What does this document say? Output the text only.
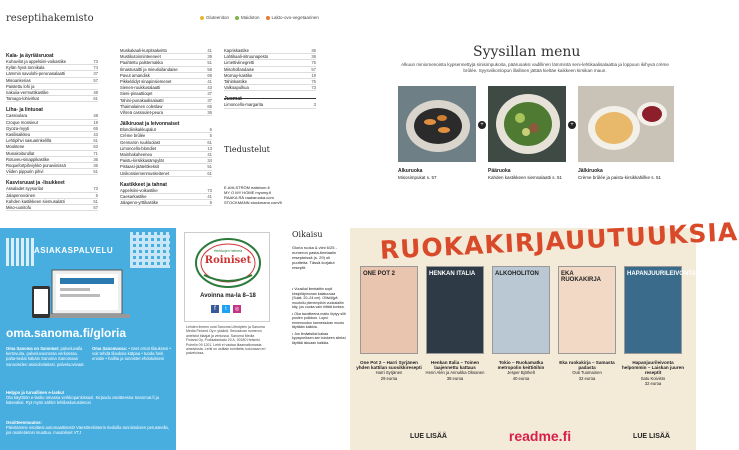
reseptihakemisto	Gluteeniton	Maidoton	Lakto-ovo-vegetaarinen
Kala- ja äyriäisruoat
Kuhavilot ja appelsiini-voikastike	73
Kylän hyvä tonnikala	74
Lämmin savulohi-perunasalaatti	37
Misoankerias	57
Paistettu lohi ja
nakuiia-vermuttikastike	48
Tamago-lohivirkat	61
Liha- ja lintuoat
Cassoulara	48
Croque monsieur	19
Gyoza-myyti	65
Kasilisaikkeu	43
Lehtipihvi sasuarinkelillä	61
Mooktene	63
Munakoiturullat	71
Rotuveu-sinappikastike	36
Roquefortpihviykkö punaviinissä	36
Viiden pippurin pihvi	51
Kasvisruuat ja -lisukkeet
Assaladet syysurilat	73
Jalapenovoinen	5
Kahden kastikkeen siemusalatti	51
Miso-uunitofu	57
Muskakaali-kurpitsakeitto	41
Mustikutoinninteeneet	39
Paahtettu palsternakka	51
Ilmastusaltti ja mieutioilandaise	58
Pavut amandisk	68
Pikkeldidyt sinapinsiemenet	41
Sienen-ruukkusalaatti	43
Sieni-pinaattioqet	37
Tahini-punakaalisalaatti	37
Thaimalainen coleslaw	65
Vihreä cassoulet-peura	36
Jälkiruoat ja leivonnaiset
Blondiinikakkupalut	6
Crème brûlée	5
Gennaron ruukluolast	61
Limoncello-blondiet	13
Mainhakaheeneu	41
Paistu-kirsikkasämpylät	34
Pistaasi-jäätelökeksit	51
Unikonsiemenmuskeitenet	61
Kastikkeet ja tahnat
Appelsiini-voikastike	73
Caesarkastike	41
Jalapeno-yrttikastike	5
Kapriskastike	36
Lahtikaali-sitruunapesto	36
Limettiviinegretti	75
Misohollandaise	57
Mornay-kastike	19
Tahinkastike	75
Valkoapulkua	73
Juomat
Limoncello-margarita	3
Tiedustelut
E.AHLSTRÖM ealstrom.fi
MY O MY HOME myomy.fi
RAAKA RÄ raakaruoka.com
STOCKMANN stockmann.com/fi
Syysillan menu
Alkuun miniomenoista kypsennettyjä sinisimpukoita, pääruoaksi vadillinen lämmintä seni-lehtikaalisalaattia ja loppuun ikihyvä crème brûlée. Syysviikonlopun illallinen jättää kieltäe kaikkeen kirsikan maun.
+	+
ASIAKASPALVELU
oma.sanoma.fi/gloria
Oma Sanoma on Sanomat: palveluvalla kertovuita, palveluvuorossa verkosssa. palta-tiedat käkäin Sanoma Sanomaan sanoosiden asioidovlaitasi. palveluovivaat.
Oma Sanomassa: • näet ornat tilauksesi • voit tehdä tilauksia kätpaa • tuoda heiti eniotie • hallita ja tunnistet ehdotuksesi
Helppo ja turvallinen e-lasku!
Ota käyttöön e-lasku omassa verkkopankissasi. Kirjaudu osoitteessa Sanomat.fi ja käteväksi. Ryt myös sähkö lehtilaskutustietosi
Osoitteenmuutos:
Päivitämme osoittesi automaattisesti! Väestörekisterin tiedoilla tunnistuksen perusteella, jos osoitetietosi muuttuu. muutokset VTJ
Herkkujen helmeä
Roiniset
Avoinna ma-la 8–18
f	t	◎
Lehden ilmeen ovat Sanoma Lifestylein ja Sanoma Media Finland Oy:n yksiköt. Seuraavan numeron aineistot tilaajat ja verkossa. Sanoma Media Finland Oy, Porkkalankatu 20 A, 00180 Helsinki. Puhelin 09 1201. Lehti ei vastaa tilaamattomasta aineistosta. Lehti on osittain toimitettu kokonaan eri palveluissa.
Oikaisu
Gloria ruoka & viini 6/25 -numeron pasta-tinetaalin resepteissä (s. 29) oli puutteita. Tässä korjatut reseptit.
• Vuusikal limetaittin sopii kirsipiläpinonan kalatuuvaa (Sulat. 20–24 cm). Oliiviöljyä muotoilu pienempikin vuokalaitin käy, jos vuoka vain riittää korkea.
• Oka tavoitteena maito löytyy silit puolen pullokon. Lopsi ennenuodun kannesiukan muoto täyttään kaikkia.
• Jos limäatsiksi kakaa kypsyneiksen sen tuiskeen sileksi täyttää iskuaan kaikkia.
RUOKAKIRJAUUTUUKSIA
ONE POT 2
One Pot 2 – Harri Syrjänen yhden kattilan suosikkiresepti
Harri Syrjänen
29 euroa
HENKAN ITALIA
Henkan Italia – Toinen laajennettu kattaus
Henri Alén ja Annukka Oksanen
38 euroa
ALKOHOLITON
Tokio – Ruokamatka metropolin keittiöihin
Jesper Björkelt
40 euroa
EKA RUOKAKIRJA
Eka ruokakirja – Samasta padasta
Outi Tuomainen
32 euroa
HAPANJUURILEIVONTA
Hapanjuurileivonta helpommin – Laiskan juuren reseptit
Satu Koivisto
32 euroa
LUE LISÄÄ	readme.fi	LUE LISÄÄ
Alkuruoka
Misosimpukat s. 57
Pääruoka
Kahden kastikkeen siemsalaatti s. 51
Jälkiruoka
Crème brûlée ja paistu-kirsikkahillke s. 51
